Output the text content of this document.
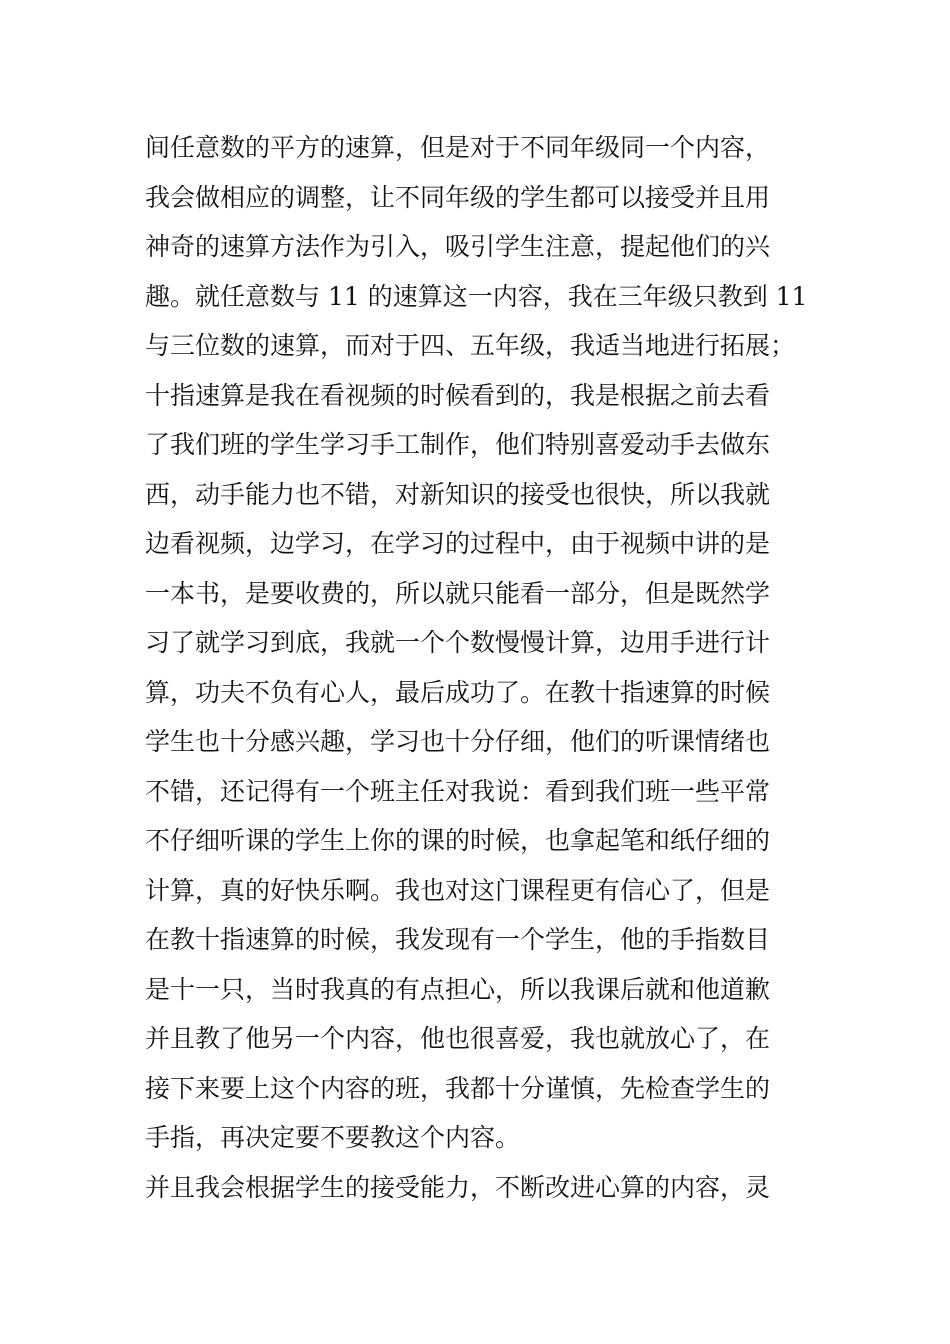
间任意数的平方的速算，但是对于不同年级同一个内容，
我会做相应的调整，让不同年级的学生都可以接受并且用
神奇的速算方法作为引入，吸引学生注意，提起他们的兴
趣。就任意数与 11 的速算这一内容，我在三年级只教到 11
与三位数的速算，而对于四、五年级，我适当地进行拓展；
十指速算是我在看视频的时候看到的，我是根据之前去看
了我们班的学生学习手工制作，他们特别喜爱动手去做东
西，动手能力也不错，对新知识的接受也很快，所以我就
边看视频，边学习，在学习的过程中，由于视频中讲的是
一本书，是要收费的，所以就只能看一部分，但是既然学
习了就学习到底，我就一个个数慢慢计算，边用手进行计
算，功夫不负有心人，最后成功了。在教十指速算的时候
学生也十分感兴趣，学习也十分仔细，他们的听课情绪也
不错，还记得有一个班主任对我说：看到我们班一些平常
不仔细听课的学生上你的课的时候，也拿起笔和纸仔细的
计算，真的好快乐啊。我也对这门课程更有信心了，但是
在教十指速算的时候，我发现有一个学生，他的手指数目
是十一只，当时我真的有点担心，所以我课后就和他道歉
并且教了他另一个内容，他也很喜爱，我也就放心了，在
接下来要上这个内容的班，我都十分谨慎，先检查学生的
手指，再决定要不要教这个内容。
并且我会根据学生的接受能力，不断改进心算的内容，灵
